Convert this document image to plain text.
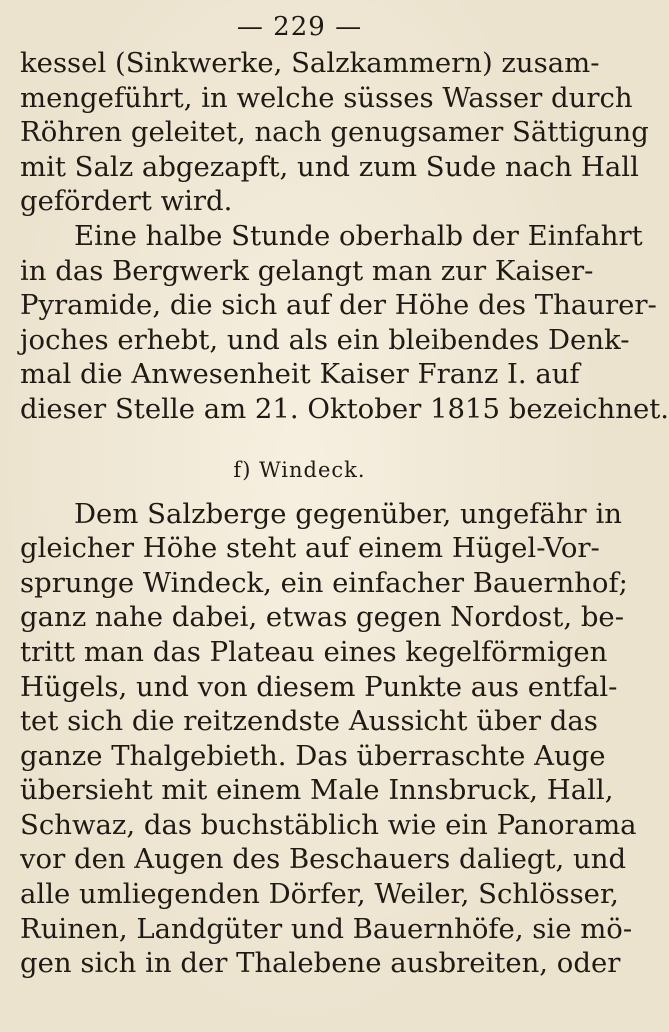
— 229 —
kessel (Sinkwerke, Salzkammern) zusam-
mengeführt, in welche süsses Wasser durch
Röhren geleitet, nach genugsamer Sättigung
mit Salz abgezapft, und zum Sude nach Hall
gefördert wird.
Eine halbe Stunde oberhalb der Einfahrt
in das Bergwerk gelangt man zur Kaiser-
Pyramide, die sich auf der Höhe des Thaurer-
joches erhebt, und als ein bleibendes Denk-
mal die Anwesenheit Kaiser Franz I. auf
dieser Stelle am 21. Oktober 1815 bezeichnet.
f) Windeck.
Dem Salzberge gegenüber, ungefähr in
gleicher Höhe steht auf einem Hügel-Vor-
sprunge Windeck, ein einfacher Bauernhof;
ganz nahe dabei, etwas gegen Nordost, be-
tritt man das Plateau eines kegelförmigen
Hügels, und von diesem Punkte aus entfal-
tet sich die reitzendste Aussicht über das
ganze Thalgebieth. Das überraschte Auge
übersieht mit einem Male Innsbruck, Hall,
Schwaz, das buchstäblich wie ein Panorama
vor den Augen des Beschauers daliegt, und
alle umliegenden Dörfer, Weiler, Schlösser,
Ruinen, Landgüter und Bauernhöfe, sie mö-
gen sich in der Thalebene ausbreiten, oder
